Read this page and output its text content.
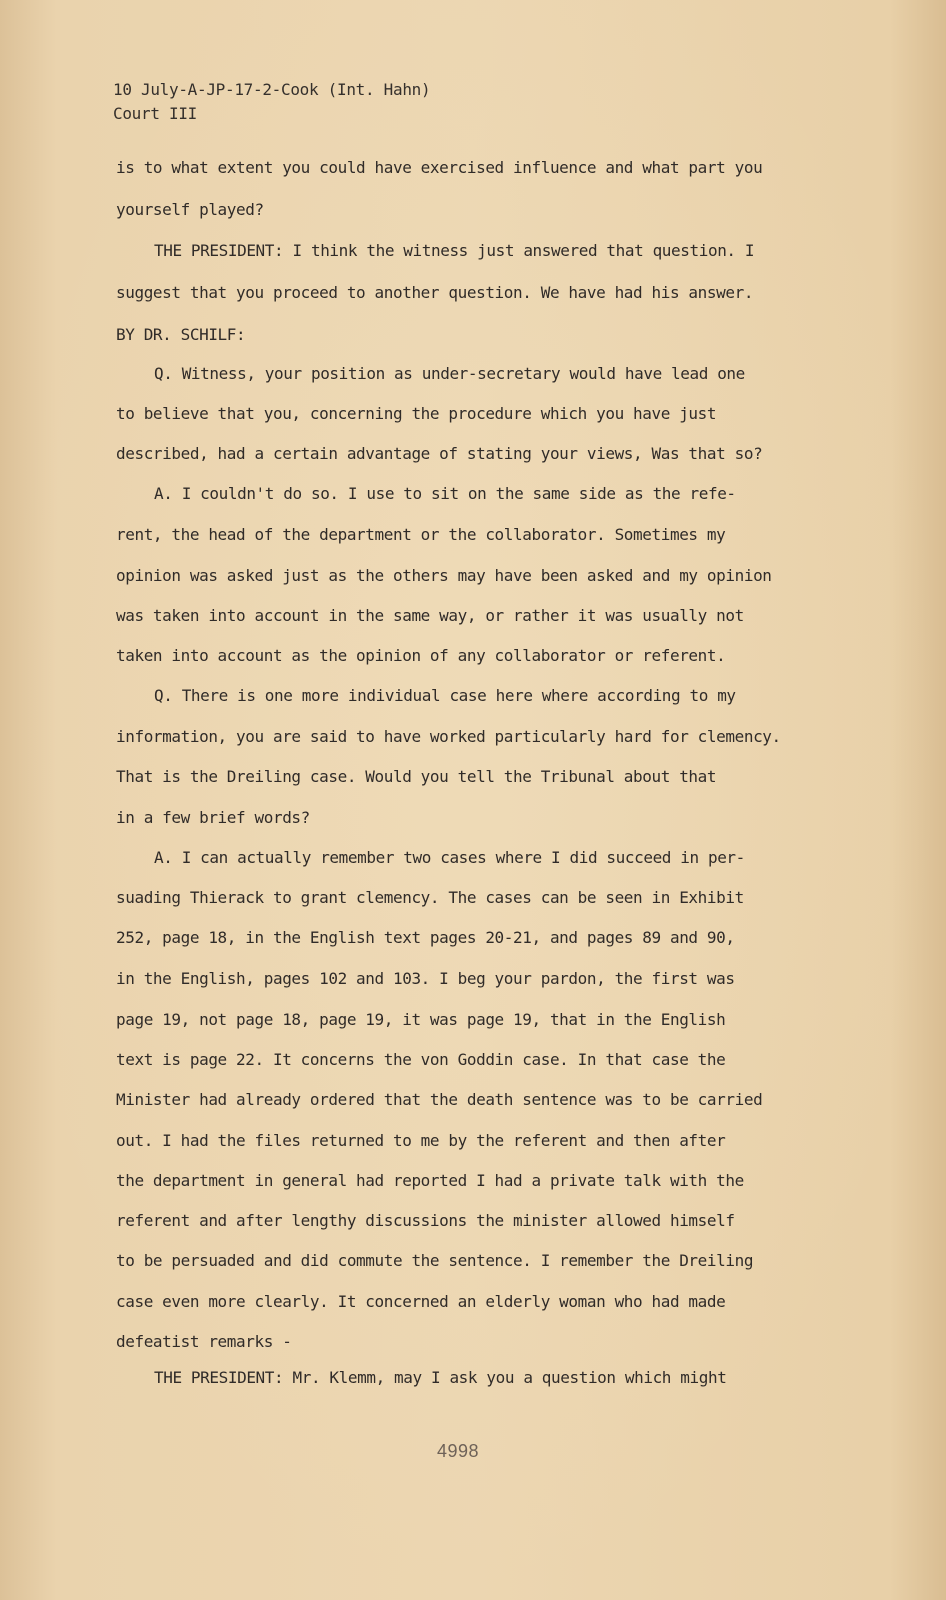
10 July-A-JP-17-2-Cook (Int. Hahn)
Court III
is to what extent you could have exercised influence and what part you
yourself played?
THE PRESIDENT: I think the witness just answered that question. I
suggest that you proceed to another question. We have had his answer.
BY DR. SCHILF:
Q. Witness, your position as under-secretary would have lead one
to believe that you, concerning the procedure which you have just
described, had a certain advantage of stating your views, Was that so?
A. I couldn't do so. I use to sit on the same side as the refe-
rent, the head of the department or the collaborator. Sometimes my
opinion was asked just as the others may have been asked and my opinion
was taken into account in the same way, or rather it was usually not
taken into account as the opinion of any collaborator or referent.
Q. There is one more individual case here where according to my
information, you are said to have worked particularly hard for clemency.
That is the Dreiling case. Would you tell the Tribunal about that
in a few brief words?
A. I can actually remember two cases where I did succeed in per-
suading Thierack to grant clemency. The cases can be seen in Exhibit
252, page 18, in the English text pages 20-21, and pages 89 and 90,
in the English, pages 102 and 103. I beg your pardon, the first was
page 19, not page 18, page 19, it was page 19, that in the English
text is page 22. It concerns the von Goddin case. In that case the
Minister had already ordered that the death sentence was to be carried
out. I had the files returned to me by the referent and then after
the department in general had reported I had a private talk with the
referent and after lengthy discussions the minister allowed himself
to be persuaded and did commute the sentence. I remember the Dreiling
case even more clearly. It concerned an elderly woman who had made
defeatist remarks -
THE PRESIDENT: Mr. Klemm, may I ask you a question which might
4998
